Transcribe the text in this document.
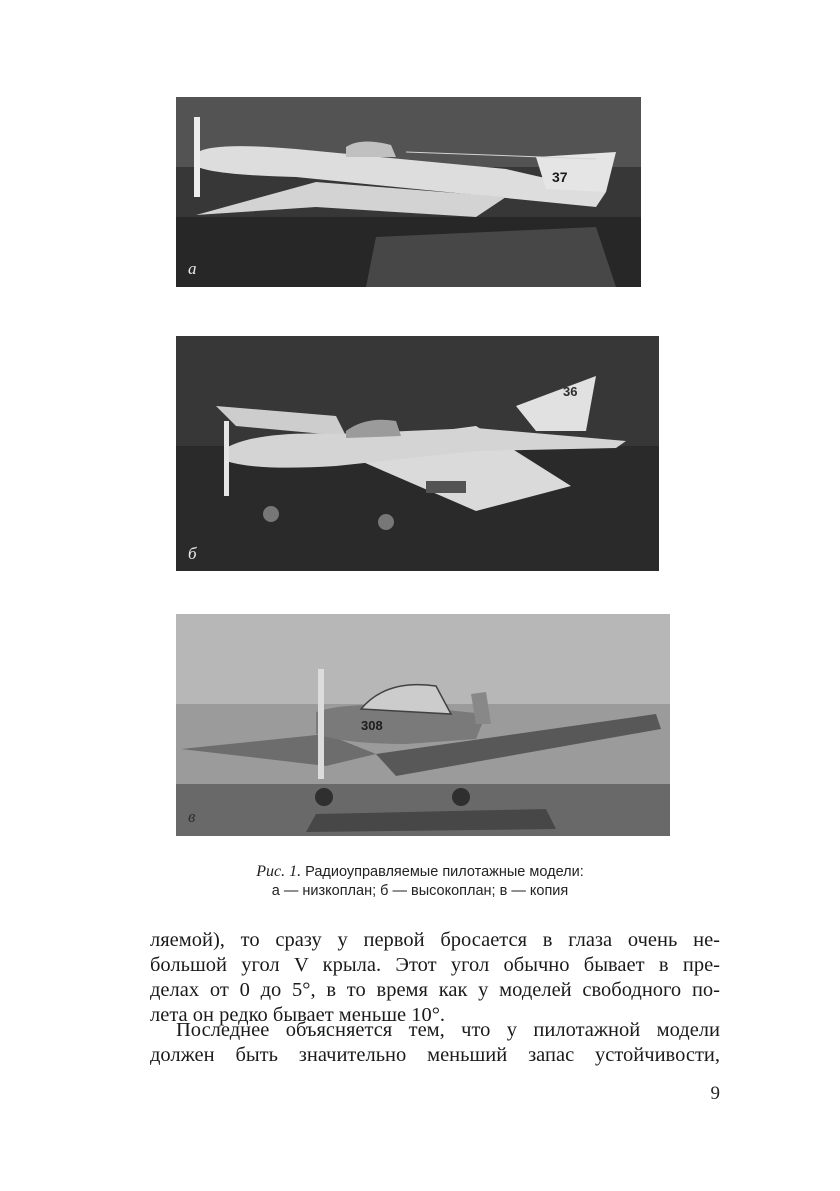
а
37
б
36
в
308
Рис. 1. Радиоуправляемые пилотажные модели:
а — низкоплан; б — высокоплан; в — копия
ляемой), то сразу у первой бросается в глаза очень не-
большой угол V крыла. Этот угол обычно бывает в пре-
делах от 0 до 5°, в то время как у моделей свободного по-
лета он редко бывает меньше 10°.
Последнее объясняется тем, что у пилотажной модели
должен быть значительно меньший запас устойчивости,
9
